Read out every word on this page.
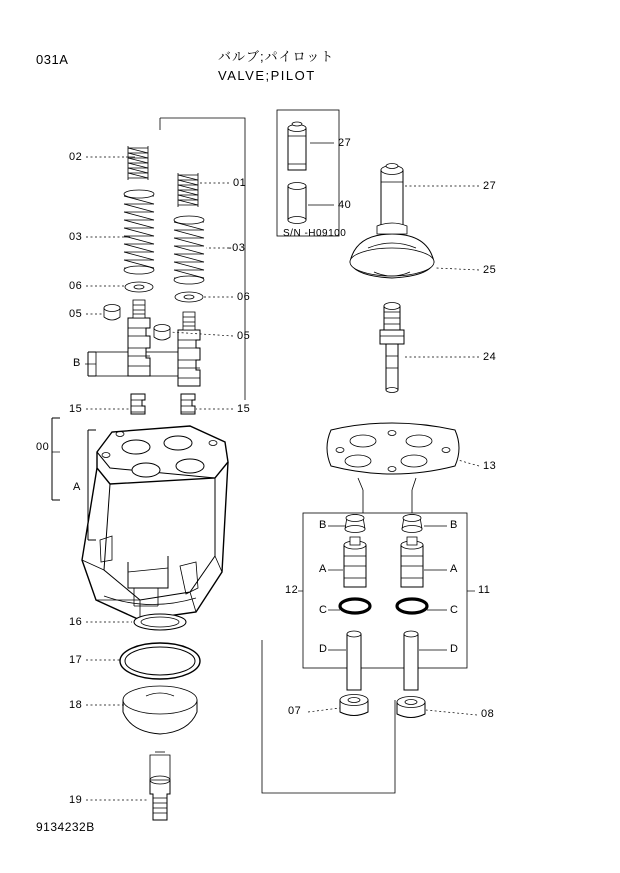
031A	バルブ;パイロット
VALVE;PILOT
9134232B
S/N -H09100
00
02
01
03
-03
06
06
05
05
B
15	15
A
16
17
18
19
27
40
27
25
24
13
B	B
A	A
12	11
C	C
D	D
07	08
